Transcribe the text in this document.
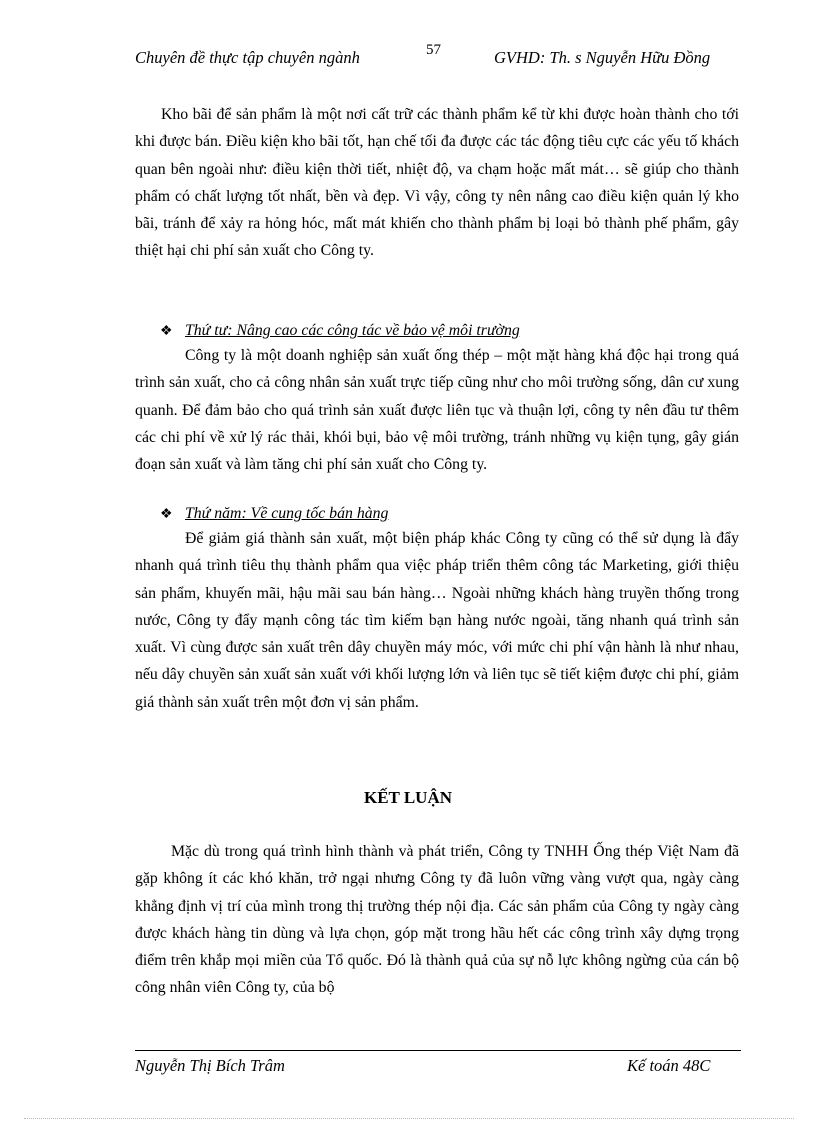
Chuyên đề thực tập chuyên ngành	57	GVHD: Th. s Nguyễn Hữu Đồng

Kho bãi để sản phẩm là một nơi cất trữ các thành phẩm kể từ khi được hoàn thành cho tới khi được bán. Điều kiện kho bãi tốt, hạn chế tối đa được các tác động tiêu cực các yếu tố khách quan bên ngoài như: điều kiện thời tiết, nhiệt độ, va chạm hoặc mất mát… sẽ giúp cho thành phẩm có chất lượng tốt nhất, bền và đẹp. Vì vậy, công ty nên nâng cao điều kiện quản lý kho bãi, tránh để xảy ra hỏng hóc, mất mát khiến cho thành phẩm bị loại bỏ thành phế phẩm, gây thiệt hại chi phí sản xuất cho Công ty.

❖ Thứ tư: Nâng cao các công tác về bảo vệ môi trường

Công ty là một doanh nghiệp sản xuất ống thép – một mặt hàng khá độc hại trong quá trình sản xuất, cho cả công nhân sản xuất trực tiếp cũng như cho môi trường sống, dân cư xung quanh. Để đảm bảo cho quá trình sản xuất được liên tục và thuận lợi, công ty nên đầu tư thêm các chi phí về xử lý rác thải, khói bụi, bảo vệ môi trường, tránh những vụ kiện tụng, gây gián đoạn sản xuất và làm tăng chi phí sản xuất cho Công ty.

❖ Thứ năm: Về cung tốc bán hàng

Để giảm giá thành sản xuất, một biện pháp khác Công ty cũng có thể sử dụng là đẩy nhanh quá trình tiêu thụ thành phẩm qua việc pháp triển thêm công tác Marketing, giới thiệu sản phẩm, khuyến mãi, hậu mãi sau bán hàng… Ngoài những khách hàng truyền thống trong nước, Công ty đẩy mạnh công tác tìm kiếm bạn hàng nước ngoài, tăng nhanh quá trình sản xuất. Vì cùng được sản xuất trên dây chuyền máy móc, với mức chi phí vận hành là như nhau, nếu dây chuyền sản xuất sản xuất với khối lượng lớn và liên tục sẽ tiết kiệm được chi phí, giảm giá thành sản xuất trên một đơn vị sản phẩm.

KẾT LUẬN

Mặc dù trong quá trình hình thành và phát triển, Công ty TNHH Ống thép Việt Nam đã gặp không ít các khó khăn, trở ngại nhưng Công ty đã luôn vững vàng vượt qua, ngày càng khẳng định vị trí của mình trong thị trường thép nội địa. Các sản phẩm của Công ty ngày càng được khách hàng tin dùng và lựa chọn, góp mặt trong hầu hết các công trình xây dựng trọng điểm trên khắp mọi miền của Tổ quốc. Đó là thành quả của sự nỗ lực không ngừng của cán bộ công nhân viên Công ty, của bộ

Nguyễn Thị Bích Trâm	Kế toán 48C
